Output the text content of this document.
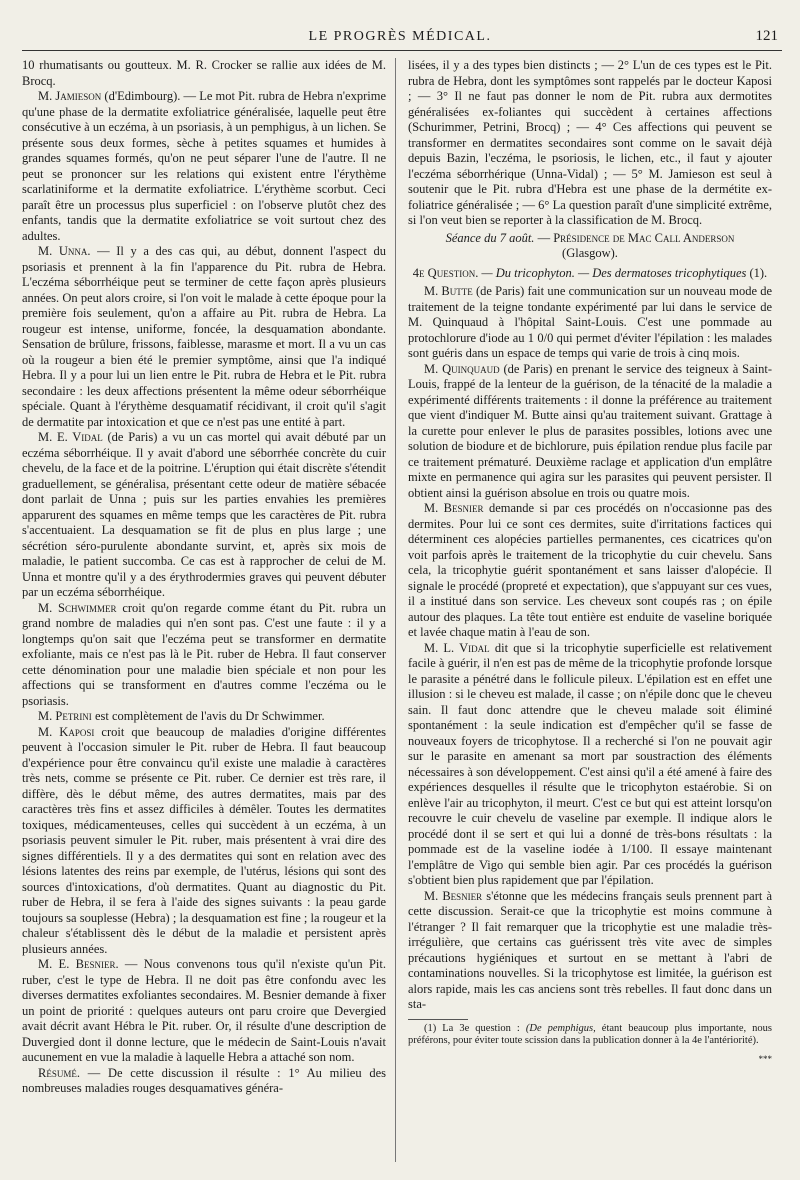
LE PROGRÈS MÉDICAL.	121

10 rhumatisants ou goutteux. M. R. Crocker se rallie aux idées de M. Brocq.

M. Jamieson (d'Edimbourg). — Le mot Pit. rubra de Hebra n'exprime qu'une phase de la dermatite exfoliatrice généralisée, laquelle peut être consécutive à un eczéma, à un psoriasis, à un pemphigus, à un lichen. Se présente sous deux formes, sèche à petites squames et humides à grandes squames formés, qu'on ne peut séparer l'une de l'autre. Il ne peut se prononcer sur les relations qui existent entre l'érythème scarlatiniforme et la dermatite exfoliatrice. L'érythème scorbut. Ceci paraît être un processus plus superficiel : on l'observe plutôt chez des enfants, tandis que la dermatite exfoliatrice se voit surtout chez des adultes.

M. Unna. — Il y a des cas qui, au début, donnent l'aspect du psoriasis et prennent à la fin l'apparence du Pit. rubra de Hebra. L'eczéma séborrhéique peut se terminer de cette façon après plusieurs années. On peut alors croire, si l'on voit le malade à cette époque pour la première fois seulement, qu'on a affaire au Pit. rubra de Hebra. La rougeur est intense, uniforme, foncée, la desquamation abondante. Sensation de brûlure, frissons, faiblesse, marasme et mort. Il a vu un cas où la rougeur a bien été le premier symptôme, ainsi que l'a indiqué Hebra. Il y a pour lui un lien entre le Pit. rubra de Hebra et le Pit. rubra secondaire : les deux affections présentent la même odeur séborrhéique spéciale. Quant à l'érythème desquamatif récidivant, il croit qu'il s'agit de dermatite par intoxication et que ce n'est pas une entité à part.

M. E. Vidal (de Paris) a vu un cas mortel qui avait débuté par un eczéma séborrhéique. Il y avait d'abord une séborrhée concrète du cuir chevelu, de la face et de la poitrine. L'éruption qui était discrète s'étendit graduellement, se généralisa, présentant cette odeur de matière sébacée dont parlait de Unna ; puis sur les parties envahies les premières apparurent des squames en même temps que les caractères de Pit. rubra s'accentuaient. La desquamation se fit de plus en plus large ; une sécrétion séro-purulente abondante survint, et, après six mois de maladie, le patient succomba. Ce cas est à rapprocher de celui de M. Unna et montre qu'il y a des érythrodermies graves qui peuvent débuter par un eczéma séborrhéique.

M. Schwimmer croit qu'on regarde comme étant du Pit. rubra un grand nombre de maladies qui n'en sont pas. C'est une faute : il y a longtemps qu'on sait que l'eczéma peut se transformer en dermatite exfoliante, mais ce n'est pas là le Pit. ruber de Hebra. Il faut conserver cette dénomination pour une maladie bien spéciale et non pour les affections qui se transforment en d'autres comme l'eczéma ou le psoriasis.

M. Petrini est complètement de l'avis du Dr Schwimmer.

M. Kaposi croit que beaucoup de maladies d'origine différentes peuvent à l'occasion simuler le Pit. ruber de Hebra. Il faut beaucoup d'expérience pour être convaincu qu'il existe une maladie à caractères très nets, comme se présente ce Pit. ruber. Ce dernier est très rare, il diffère, dès le début même, des autres dermatites, mais par des caractères très fins et assez difficiles à démêler. Toutes les dermatites toxiques, médicamenteuses, celles qui succèdent à un eczéma, à un psoriasis peuvent simuler le Pit. ruber, mais présentent à vrai dire des signes différentiels. Il y a des dermatites qui sont en relation avec des lésions latentes des reins par exemple, de l'utérus, lésions qui sont des sources d'intoxications, d'où dermatites. Quant au diagnostic du Pit. ruber de Hebra, il se fera à l'aide des signes suivants : la peau garde toujours sa souplesse (Hebra) ; la desquamation est fine ; la rougeur et la chaleur s'établissent dès le début de la maladie et persistent après plusieurs années.

M. E. Besnier. — Nous convenons tous qu'il n'existe qu'un Pit. ruber, c'est le type de Hebra. Il ne doit pas être confondu avec les diverses dermatites exfoliantes secondaires. M. Besnier demande à fixer un point de priorité : quelques auteurs ont paru croire que Devergied avait décrit avant Hébra le Pit. ruber. Or, il résulte d'une description de Duvergied dont il donne lecture, que le médecin de Saint-Louis n'avait aucunement en vue la maladie à laquelle Hebra a attaché son nom.

Résumé. — De cette discussion il résulte : 1° Au milieu des nombreuses maladies rouges desquamatives généra-

lisées, il y a des types bien distincts ; — 2° L'un de ces types est le Pit. rubra de Hebra, dont les symptômes sont rappelés par le docteur Kaposi ; — 3° Il ne faut pas donner le nom de Pit. rubra aux dermotites généralisées ex-foliantes qui succèdent à certaines affections (Schurimmer, Petrini, Brocq) ; — 4° Ces affections qui peuvent se transformer en dermatites secondaires sont comme on le savait déjà depuis Bazin, l'eczéma, le psoriosis, le lichen, etc., il faut y ajouter l'eczéma séborrhérique (Unna-Vidal) ; — 5° M. Jamieson est seul à soutenir que le Pit. rubra d'Hebra est une phase de la dermétite ex-foliatrice généralisée ; — 6° La question paraît d'une simplicité extrême, si l'on veut bien se reporter à la classification de M. Brocq.

Séance du 7 août. — Présidence de Mac Call Anderson
(Glasgow).
4e Question. — Du tricophyton. — Des dermatoses tricophytiques (1).

M. Butte (de Paris) fait une communication sur un nouveau mode de traitement de la teigne tondante expérimenté par lui dans le service de M. Quinquaud à l'hôpital Saint-Louis. C'est une pommade au protochlorure d'iode au 1 0/0 qui permet d'éviter l'épilation : les malades sont guéris dans un espace de temps qui varie de trois à cinq mois.

M. Quinquaud (de Paris) en prenant le service des teigneux à Saint-Louis, frappé de la lenteur de la guérison, de la ténacité de la maladie a expérimenté différents traitements : il donne la préférence au traitement que vient d'indiquer M. Butte ainsi qu'au traitement suivant. Grattage à la curette pour enlever le plus de parasites possibles, lotions avec une solution de biodure et de bichlorure, puis épilation rendue plus facile par ce traitement prématuré. Deuxième raclage et application d'un emplâtre mixte en permanence qui agira sur les parasites qui peuvent persister. Il obtient ainsi la guérison absolue en trois ou quatre mois.

M. Besnier demande si par ces procédés on n'occasionne pas des dermites. Pour lui ce sont ces dermites, suite d'irritations factices qui déterminent ces alopécies partielles permanentes, ces cicatrices qu'on voit parfois après le traitement de la tricophytie du cuir chevelu. Sans cela, la tricophytie guérit spontanément et sans laisser d'alopécie. Il signale le procédé (propreté et expectation), que s'appuyant sur ces vues, il a institué dans son service. Les cheveux sont coupés ras ; on épile autour des plaques. La tête tout entière est enduite de vaseline boriquée et lavée chaque matin à l'eau de son.

M. L. Vidal dit que si la tricophytie superficielle est relativement facile à guérir, il n'en est pas de même de la tricophytie profonde lorsque le parasite a pénétré dans le follicule pileux. L'épilation est en effet une illusion : si le cheveu est malade, il casse ; on n'épile donc que le cheveu sain. Il faut donc attendre que le cheveu malade soit éliminé spontanément : la seule indication est d'empêcher qu'il se fasse de nouveaux foyers de tricophytose. Il a recherché si l'on ne pouvait agir sur le parasite en amenant sa mort par soustraction des éléments nécessaires à son développement. C'est ainsi qu'il a été amené à faire des expériences desquelles il résulte que le tricophyton estaérobie. Si on enlève l'air au tricophyton, il meurt. C'est ce but qui est atteint lorsqu'on recouvre le cuir chevelu de vaseline par exemple. Il indique alors le procédé dont il se sert et qui lui a donné de très-bons résultats : la pommade est de la vaseline iodée à 1/100. Il essaye maintenant l'emplâtre de Vigo qui semble bien agir. Par ces procédés la guérison s'obtient bien plus rapidement que par l'épilation.

M. Besnier s'étonne que les médecins français seuls prennent part à cette discussion. Serait-ce que la tricophytie est moins commune à l'étranger ? Il fait remarquer que la tricophytie est une maladie très-irrégulière, que certains cas guérissent très vite avec de simples précautions hygiéniques et surtout en se mettant à l'abri de contaminations nouvelles. Si la tricophytose est limitée, la guérison est alors rapide, mais les cas anciens sont très rebelles. Il faut donc dans un sta-

(1) La 3e question : (De pemphigus, étant beaucoup plus importante, nous préférons, pour éviter toute scission dans la publication donner à la 4e l'antériorité).
***
